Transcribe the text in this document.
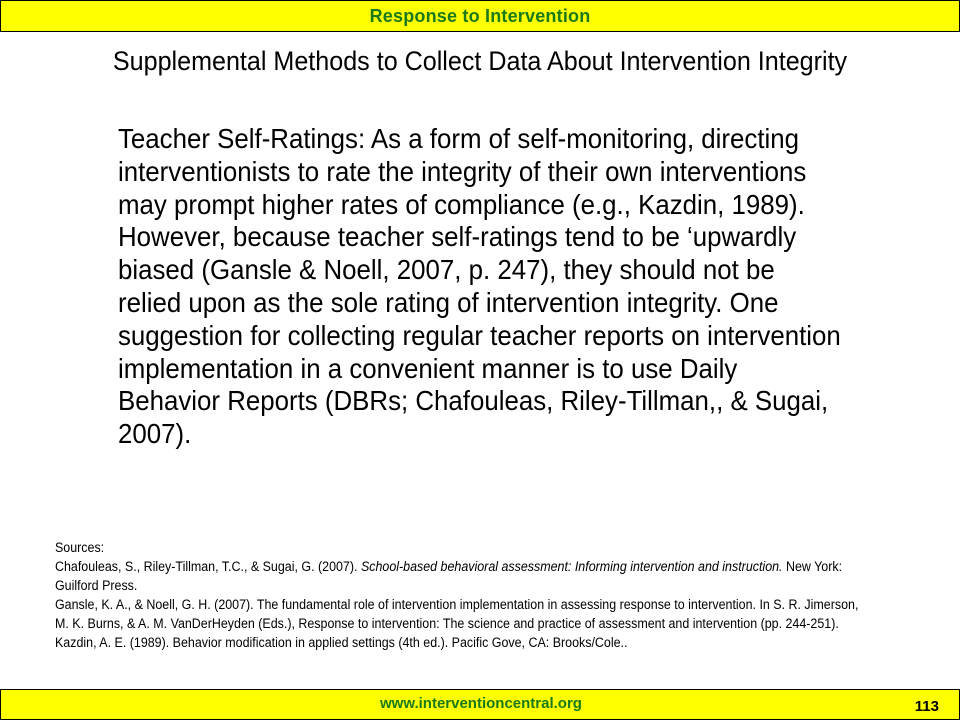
Response to Intervention
Supplemental Methods to Collect Data About Intervention Integrity
Teacher Self-Ratings: As a form of self-monitoring, directing interventionists to rate the integrity of their own interventions may prompt higher rates of compliance (e.g., Kazdin, 1989). However, because teacher self-ratings tend to be ‘upwardly biased (Gansle & Noell, 2007, p. 247), they should not be relied upon as the sole rating of intervention integrity. One suggestion for collecting regular teacher reports on intervention implementation in a convenient manner is to use Daily Behavior Reports (DBRs; Chafouleas, Riley-Tillman,, & Sugai, 2007).

Sources:

Chafouleas, S., Riley-Tillman, T.C., & Sugai, G. (2007). School-based behavioral assessment: Informing intervention and instruction. New York: Guilford Press.

Gansle, K. A., & Noell, G. H. (2007). The fundamental role of intervention implementation in assessing response to intervention. In S. R. Jimerson, M. K. Burns, & A. M. VanDerHeyden (Eds.), Response to intervention: The science and practice of assessment and intervention (pp. 244-251).

Kazdin, A. E. (1989). Behavior modification in applied settings (4th ed.). Pacific Gove, CA: Brooks/Cole..

www.interventioncentral.org	113
